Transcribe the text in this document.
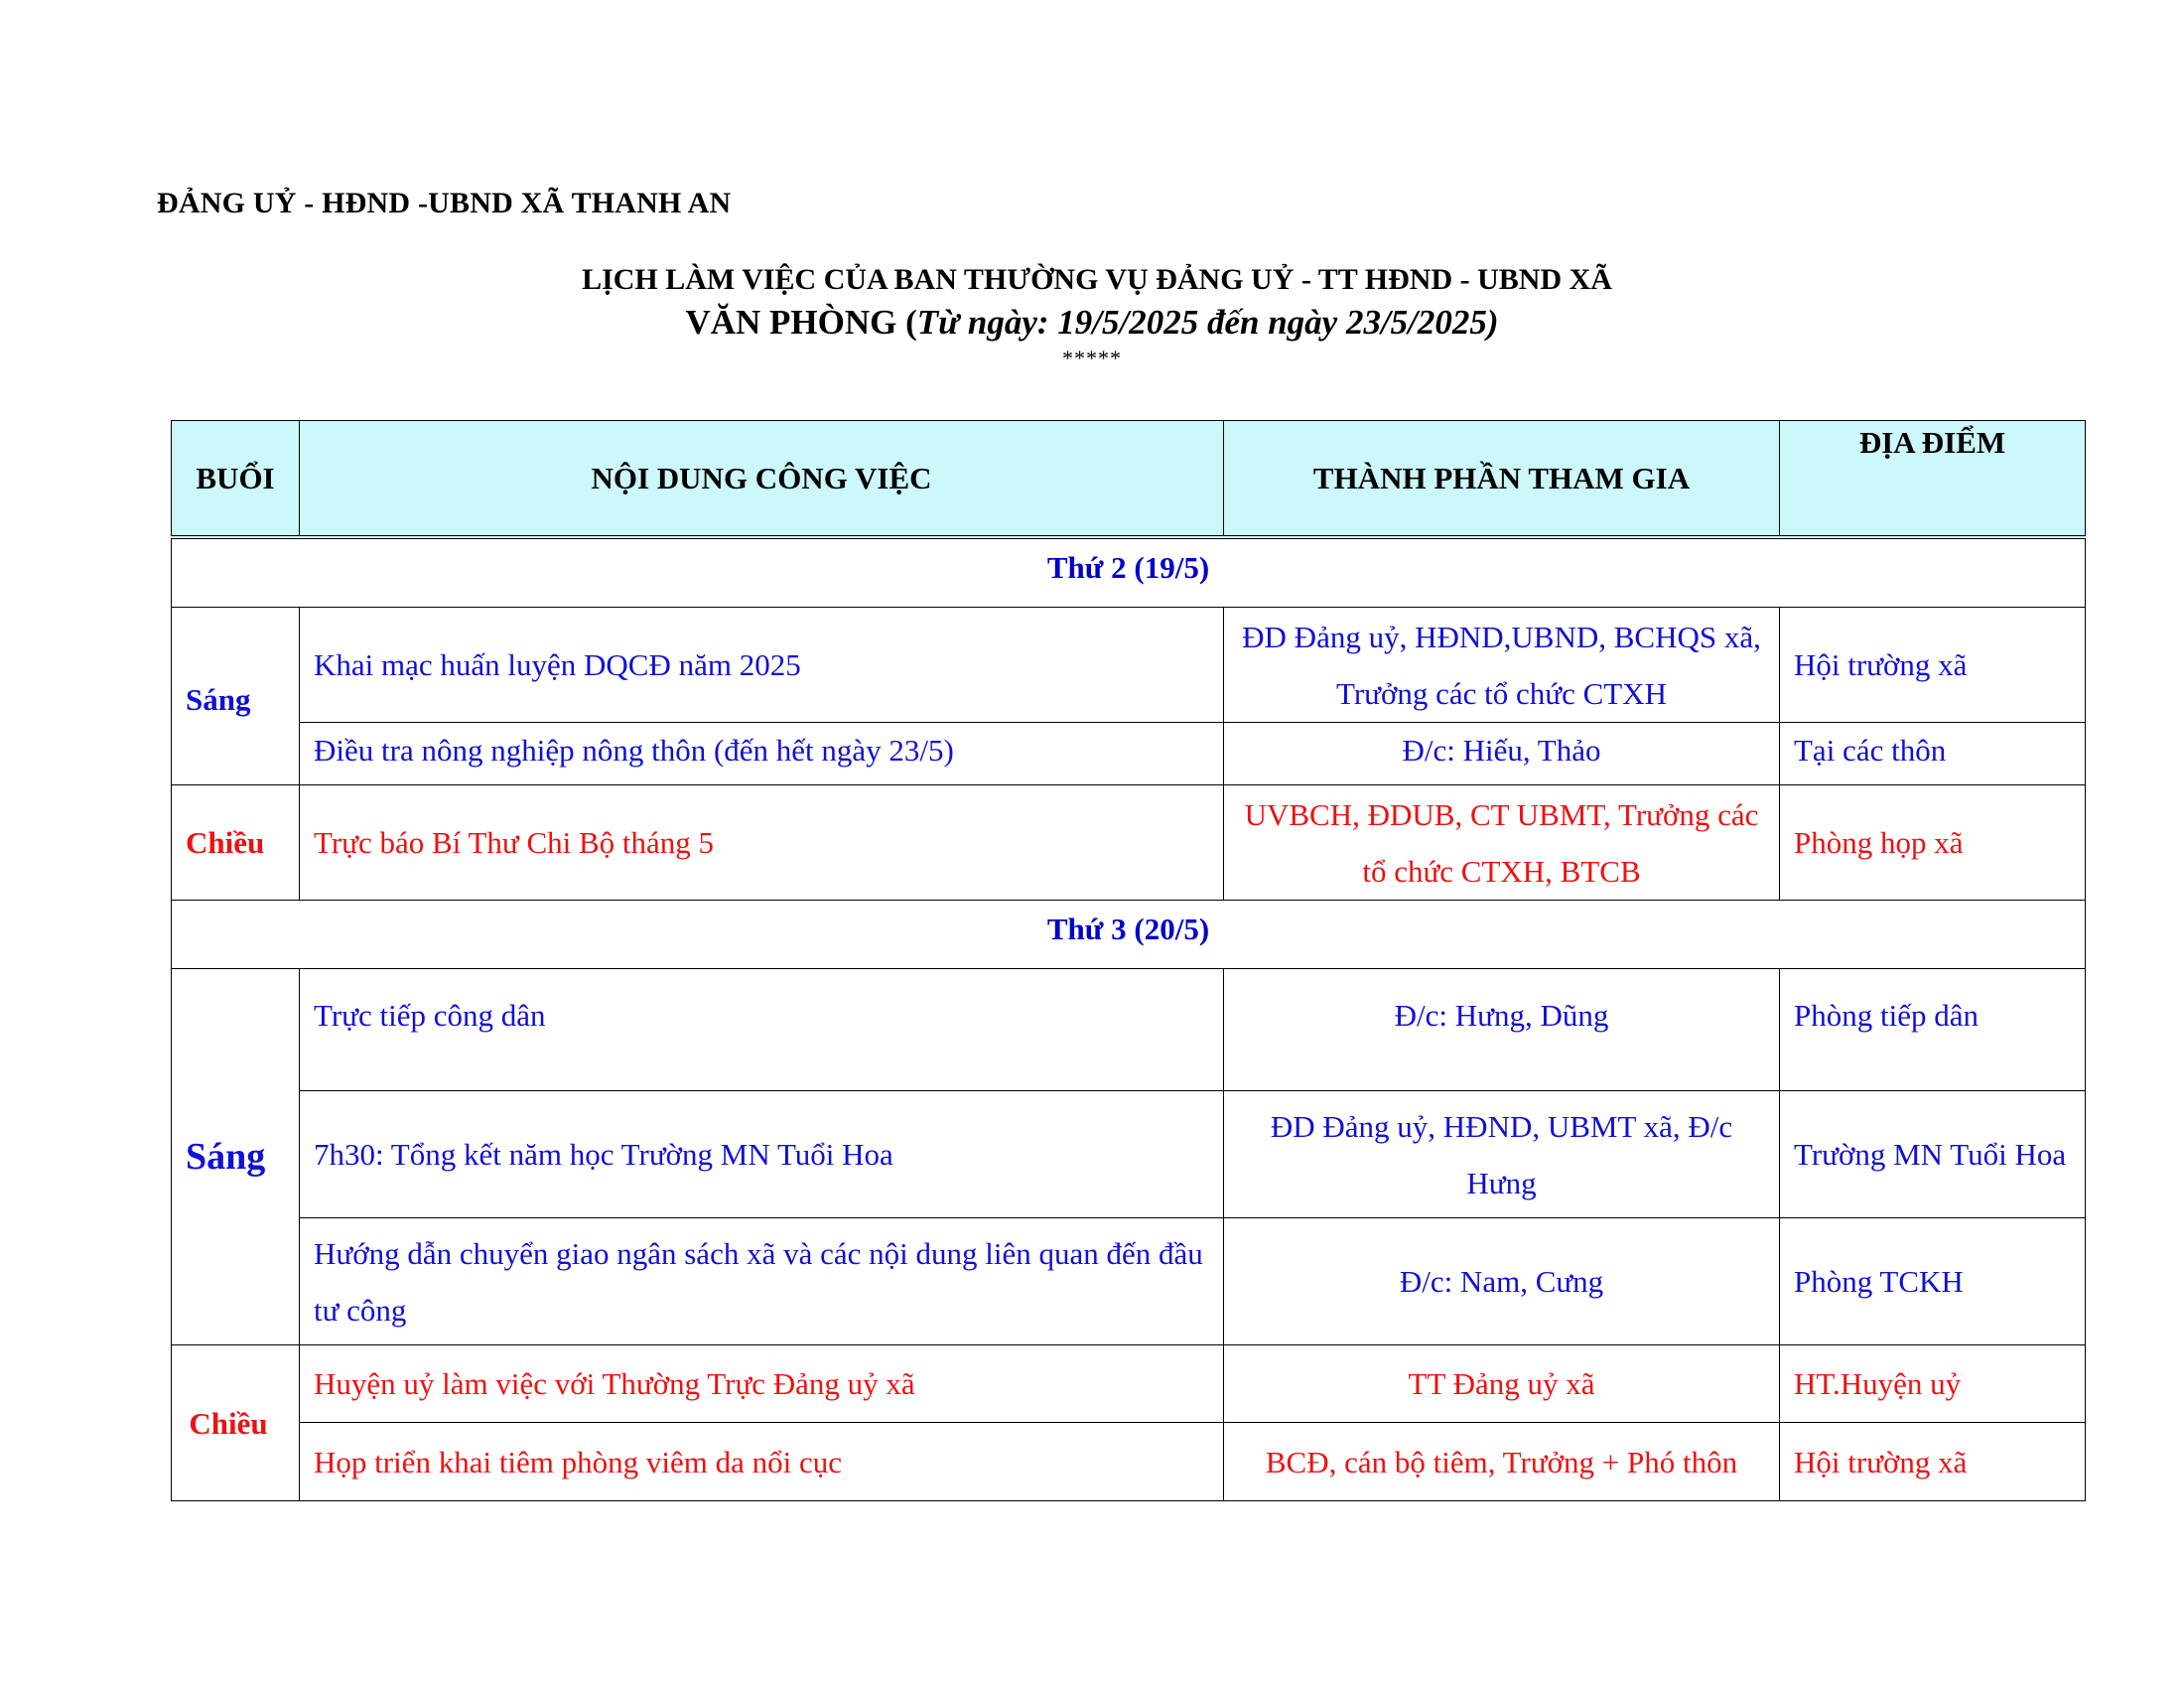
ĐẢNG UỶ - HĐND -UBND XÃ THANH AN
LỊCH LÀM VIỆC CỦA BAN THƯỜNG VỤ ĐẢNG UỶ - TT HĐND - UBND XÃ
VĂN PHÒNG (Từ ngày: 19/5/2025 đến ngày 23/5/2025)
*****
BUỔI	NỘI DUNG CÔNG VIỆC	THÀNH PHẦN THAM GIA	ĐỊA ĐIỂM
Thứ 2 (19/5)			
Sáng	Khai mạc huấn luyện DQCĐ năm 2025	ĐD Đảng uỷ, HĐND,UBND, BCHQS xã, Trưởng các tổ chức CTXH	Hội trường xã
	Điều tra nông nghiệp nông thôn (đến hết ngày 23/5)	Đ/c: Hiếu, Thảo	Tại các thôn
Chiều	Trực báo Bí Thư Chi Bộ tháng 5	UVBCH, ĐDUB, CT UBMT, Trưởng các tổ chức CTXH, BTCB	Phòng họp xã
Thứ 3 (20/5)			
Sáng	Trực tiếp công dân	Đ/c: Hưng, Dũng	Phòng tiếp dân
	7h30: Tổng kết năm học Trường MN Tuổi Hoa	ĐD Đảng uỷ, HĐND, UBMT xã, Đ/c Hưng	Trường MN Tuổi Hoa
	Hướng dẫn chuyển giao ngân sách xã và các nội dung liên quan đến đầu tư công	Đ/c: Nam, Cưng	Phòng TCKH
Chiều	Huyện uỷ làm việc với Thường Trực Đảng uỷ xã	TT Đảng uỷ xã	HT.Huyện uỷ
	Họp triển khai tiêm phòng viêm da nổi cục	BCĐ, cán bộ tiêm, Trưởng + Phó thôn	Hội trường xã
